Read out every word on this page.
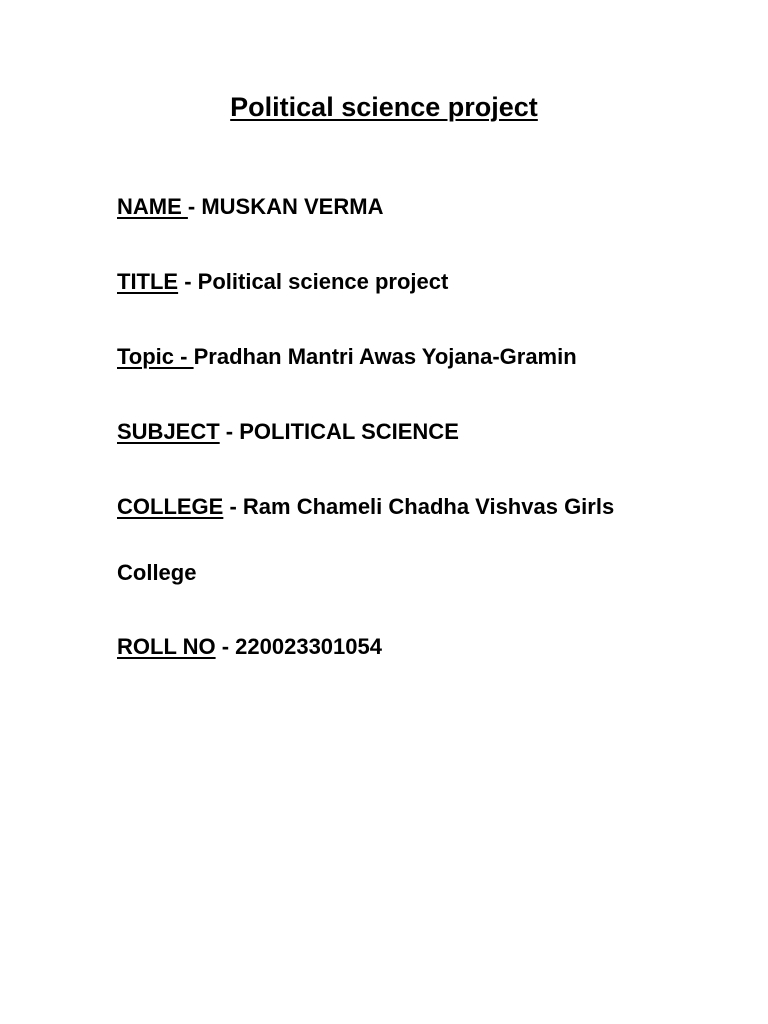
Political science project
NAME - MUSKAN VERMA
TITLE - Political science project
Topic - Pradhan Mantri Awas Yojana-Gramin
SUBJECT - POLITICAL SCIENCE
COLLEGE - Ram Chameli Chadha Vishvas Girls
College
ROLL NO - 220023301054
